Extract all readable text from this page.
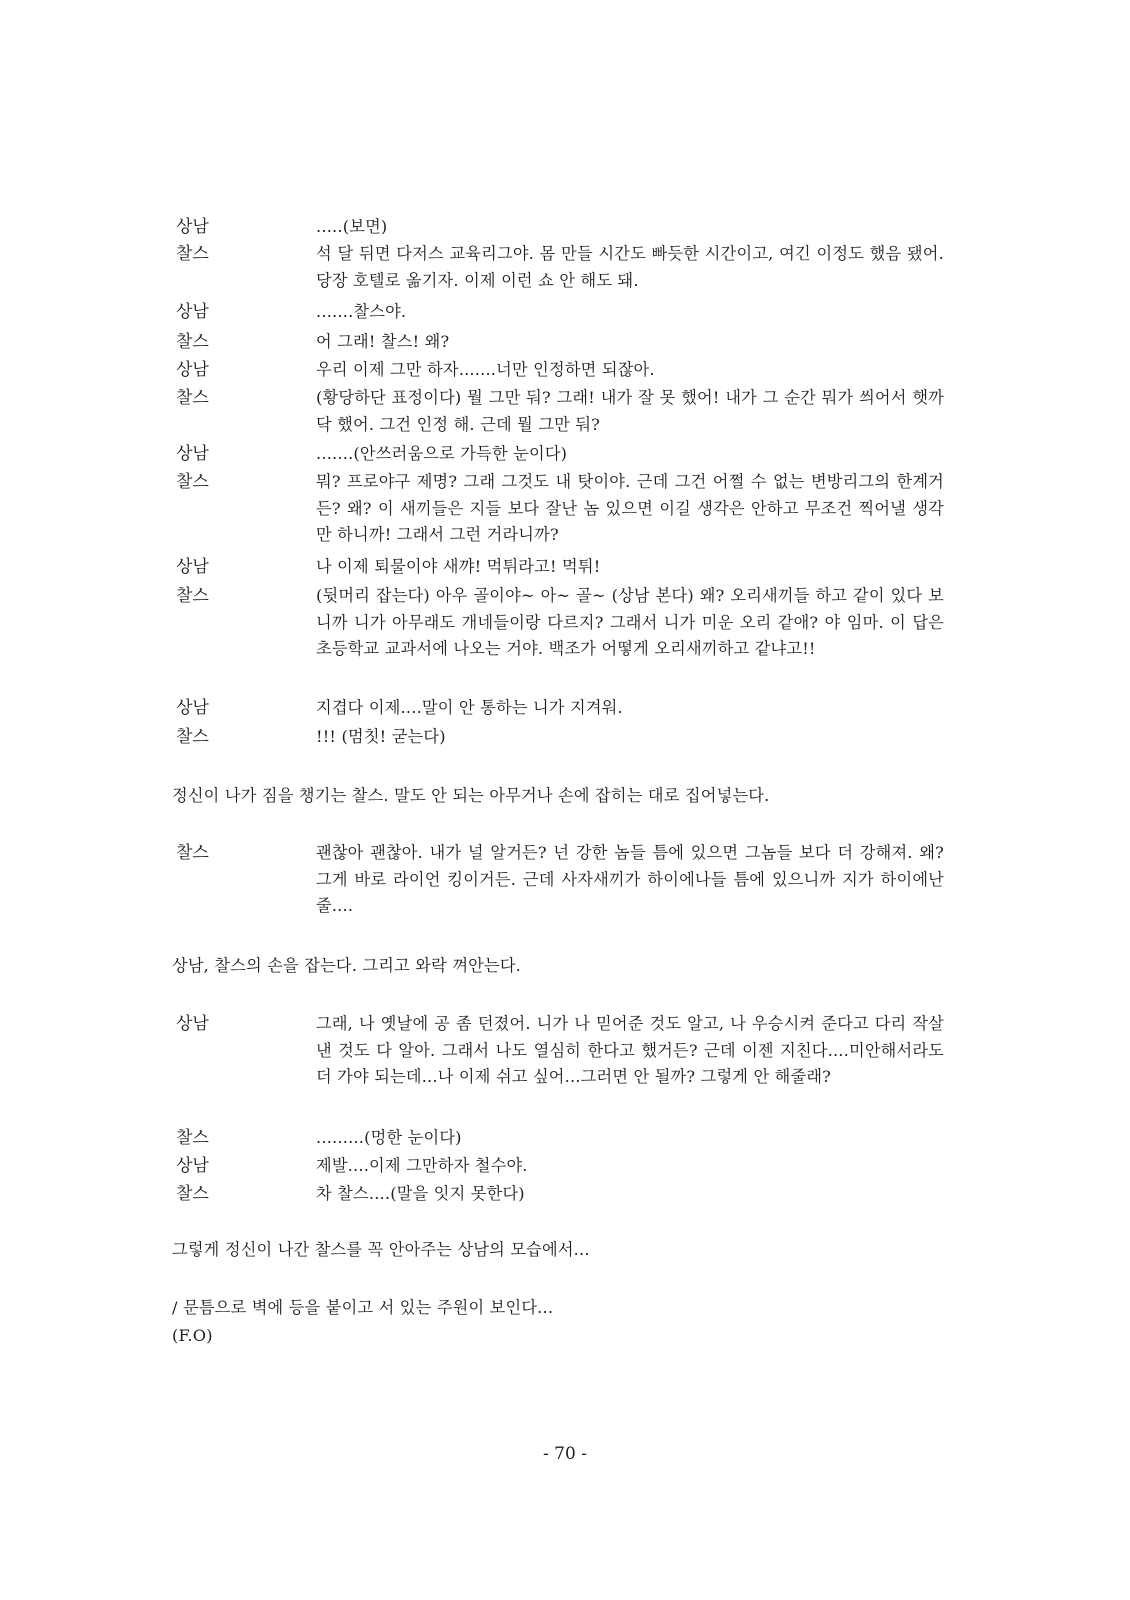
상남	.....(보면)
찰스	석 달 뒤면 다저스 교육리그야. 몸 만들 시간도 빠듯한 시간이고, 여긴 이정도 했음 됐어. 당장 호텔로 옮기자. 이제 이런 쇼 안 해도 돼.
상남	.......찰스야.
찰스	어 그래! 찰스! 왜?
상남	우리 이제 그만 하자.......너만 인정하면 되잖아.
찰스	(황당하단 표정이다) 뭘 그만 둬? 그래! 내가 잘 못 했어! 내가 그 순간 뭐가 씌어서 햇까닥 했어. 그건 인정 해. 근데 뭘 그만 둬?
상남	.......(안쓰러움으로 가득한 눈이다)
찰스	뭐? 프로야구 제명? 그래 그것도 내 탓이야. 근데 그건 어쩔 수 없는 변방리그의 한계거든? 왜? 이 새끼들은 지들 보다 잘난 놈 있으면 이길 생각은 안하고 무조건 찍어낼 생각만 하니까! 그래서 그런 거라니까?
상남	나 이제 퇴물이야 새꺄! 먹튀라고! 먹튀!
찰스	(뒷머리 잡는다) 아우 골이야~ 아~ 골~ (상남 본다) 왜? 오리새끼들 하고 같이 있다 보니까 니가 아무래도 개네들이랑 다르지? 그래서 니가 미운 오리 같애? 야 임마. 이 답은 초등학교 교과서에 나오는 거야. 백조가 어떻게 오리새끼하고 같냐고!!
상남	지겹다 이제....말이 안 통하는 니가 지겨워.
찰스	!!! (멈칫! 굳는다)
정신이 나가 짐을 챙기는 찰스. 말도 안 되는 아무거나 손에 잡히는 대로 집어넣는다.
찰스	괜찮아 괜찮아. 내가 널 알거든? 넌 강한 놈들 틈에 있으면 그놈들 보다 더 강해져. 왜? 그게 바로 라이언 킹이거든. 근데 사자새끼가 하이에나들 틈에 있으니까 지가 하이에난 줄....
상남, 찰스의 손을 잡는다. 그리고 와락 껴안는다.
상남	그래, 나 옛날에 공 좀 던졌어. 니가 나 믿어준 것도 알고, 나 우승시켜 준다고 다리 작살낸 것도 다 알아. 그래서 나도 열심히 한다고 했거든? 근데 이젠 지친다....미안해서라도 더 가야 되는데...나 이제 쉬고 싶어...그러면 안 될까? 그렇게 안 해줄래?
찰스	.........(멍한 눈이다)
상남	제발....이제 그만하자 철수야.
찰스	차 찰스....(말을 잇지 못한다)
그렇게 정신이 나간 찰스를 꼭 안아주는 상남의 모습에서...
/ 문틈으로 벽에 등을 붙이고 서 있는 주원이 보인다...
(F.O)
- 70 -
